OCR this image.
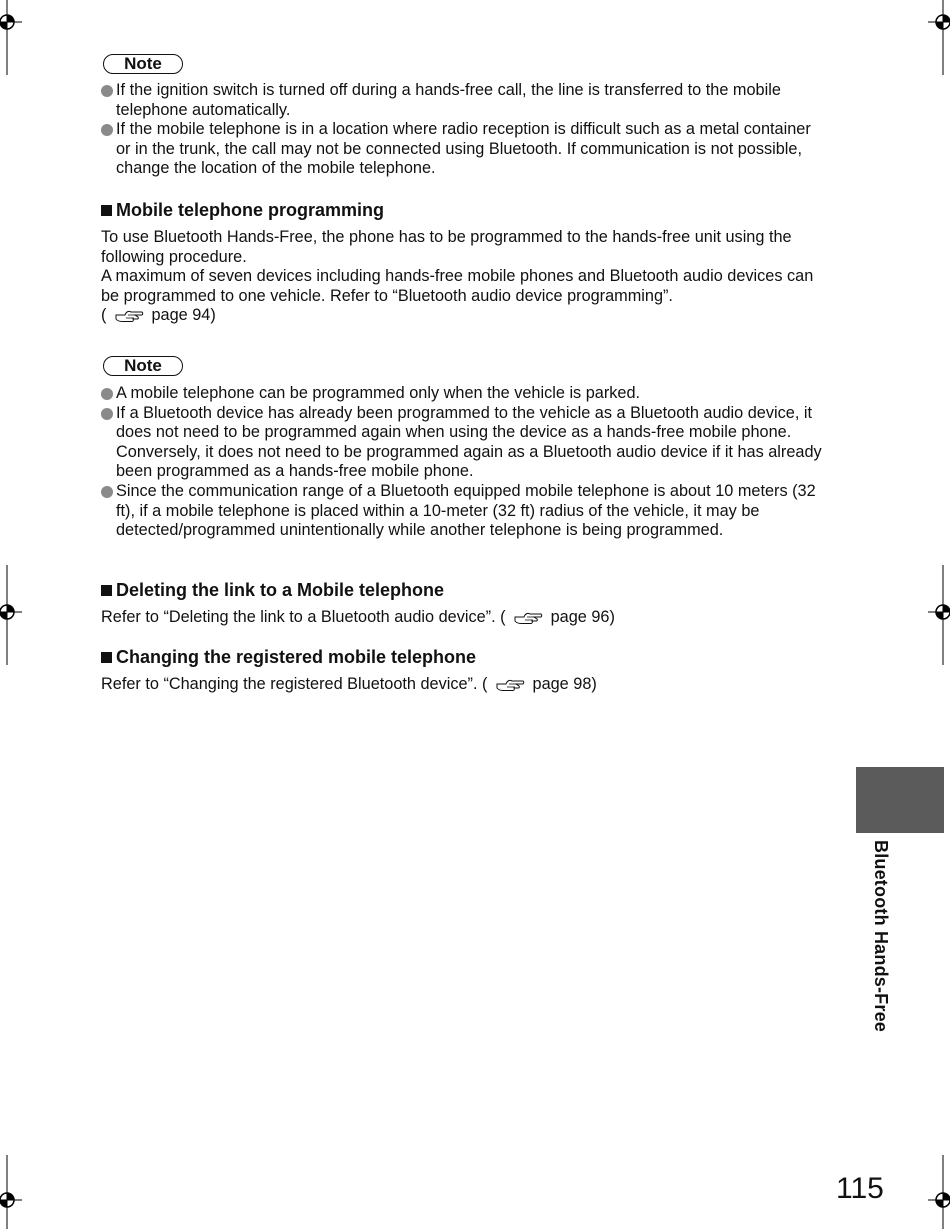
Note
If the ignition switch is turned off during a hands-free call, the line is transferred to the mobile telephone automatically.
If the mobile telephone is in a location where radio reception is difficult such as a metal container or in the trunk, the call may not be connected using Bluetooth. If communication is not possible, change the location of the mobile telephone.
Mobile telephone programming

To use Bluetooth Hands-Free, the phone has to be programmed to the hands-free unit using the following procedure.

A maximum of seven devices including hands-free mobile phones and Bluetooth audio devices can be programmed to one vehicle. Refer to “Bluetooth audio device programming”.

(	page 94)

Note
A mobile telephone can be programmed only when the vehicle is parked.
If a Bluetooth device has already been programmed to the vehicle as a Bluetooth audio device, it does not need to be programmed again when using the device as a hands-free mobile phone. Conversely, it does not need to be programmed again as a Bluetooth audio device if it has already been programmed as a hands-free mobile phone.
Since the communication range of a Bluetooth equipped mobile telephone is about 10 meters (32 ft), if a mobile telephone is placed within a 10-meter (32 ft) radius of the vehicle, it may be detected/programmed unintentionally while another telephone is being programmed.
Deleting the link to a Mobile telephone

Refer to “Deleting the link to a Bluetooth audio device”. (	page 96)

Changing the registered mobile telephone

Refer to “Changing the registered Bluetooth device”. (	page 98)

Bluetooth Hands-Free
115
